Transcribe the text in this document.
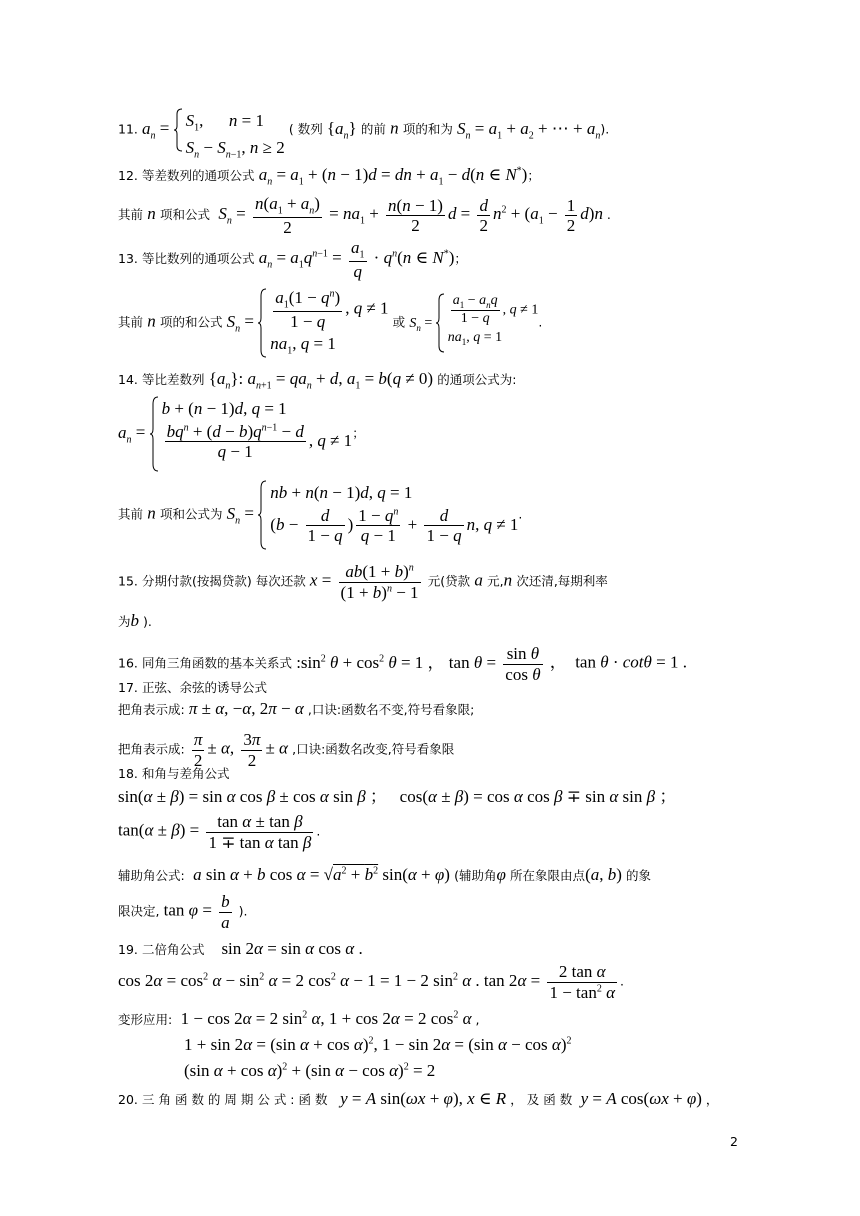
11. $a_n = S_1$,      n = 1
$S_n - S_{n-1}$, n ≥ 2
( 数列 $\{a_n\}$ 的前 n 项的和为 $S_n = a_1 + a_2$ + ⋯ + $a_n$).
12. 等差数列的通项公式 $a_n = a_1 + (n - 1)d$ = dn + $a_1 - d(n$ ∈ N*)；
其前 n 项和公式 $S_n = \frac{n(a_1 + a_n)}{2} = na_1 + \frac{n(n - 1)}{2}$ $d = \frac{d}{2} n^2 + (a_1 - \frac{1}{2} d)n$ .
13. 等比数列的通项公式 $a_n = a_1q^{n-1} = \frac{a_1}{q} \cdot q^n(n$ ∈ N*)；
其前 n 项的和公式 $S_n = \frac{a_1(1 - q^n)}{1 - q}$ , q ≠ 1
$na_1$, q = 1
或 $S_n = \frac{a_1 - a_nq}{1 - q}$ , q ≠ 1
$na_1$, q = 1
.
14. 等比差数列 $\{a_n\}$: $a_{n+1} = qa_n + d$, $a_1 = b(q \ne 0)$ 的通项公式为:
$a_n$ =
b + (n − 1)d, q = 1
$\frac{bq^n + (d - b)q^{n-1} - d}{q - 1}$ , q ≠ 1 ；
其前 n 项和公式为 $S_n$ =
nb + n(n − 1)d, q = 1
($b - \frac{d}{1 - q}$ ) $\frac{1 - q^n}{q - 1} + \frac{d}{1 - q} n$, q ≠ 1
.
15. 分期付款(按揭贷款) 每次还款 $x = \frac{ab(1 + b)^n}{(1 + b)^n - 1}$ 元(贷款 a 元,n 次还清,每期利率
为b ).
16. 同角三角函数的基本关系式 $:\sin^2$ $\theta + \cos^2 \theta = 1$ ， $\tan \theta = \frac{\text{sin θ}}{\text{cos θ}}$ ，  tan θ · cotθ = 1 .
17. 正弦、余弦的诱导公式
把角表示成: π ± α, −α, 2π − α ,口诀:函数名不变,符号看象限;
把角表示成: $\frac{\pi}{2} \pm \alpha$, $\frac{3\pi}{2} \pm \alpha$ ,口诀:函数名改变,符号看象限
18. 和角与差角公式
sin(α ± β) = sin α cos β ± cos α sin β ；   cos(α ± β) = cos α cos β ∓ sin α sin β ；
$\tan(\alpha \pm \beta) = \frac{\text{tan α ± tan β}}{\text{1 ∓ tan α tan β}}$ .
辅助角公式: a sin α + b $\cos \alpha = √a^2 + b^2$ sin(α + φ) (辅助角φ 所在象限由点(a, b) 的象
限决定, $\tan \varphi = \frac{b}{a}$ ).
19. 二倍角公式    sin 2α = sin α cos α .
$\cos 2\alpha = \cos^2 \alpha - \sin^2 \alpha = 2$ $\cos^2 \alpha - 1 = 1 - 2$ $\sin^2 \alpha$ . $\tan 2\alpha = \frac{\text{2 tan α}}{1 - \tan^2 \alpha}$ .
变形应用:  1 − cos 2α = 2 $\sin^2 \alpha$, 1 + cos 2α = 2 $\cos^2 \alpha$ ,
1 + sin 2α = (sin α + cos α)$^2$, 1 − sin 2α = (sin α − cos α)$^2$
(sin α + cos α)$^2$ + (sin α − cos α)$^2$ = 2
20. 三 角 函 数 的 周 期 公 式 : 函 数 y = A sin(ωx + φ), x ∈ R ， 及 函 数 y = A cos(ωx + φ) ，
2
